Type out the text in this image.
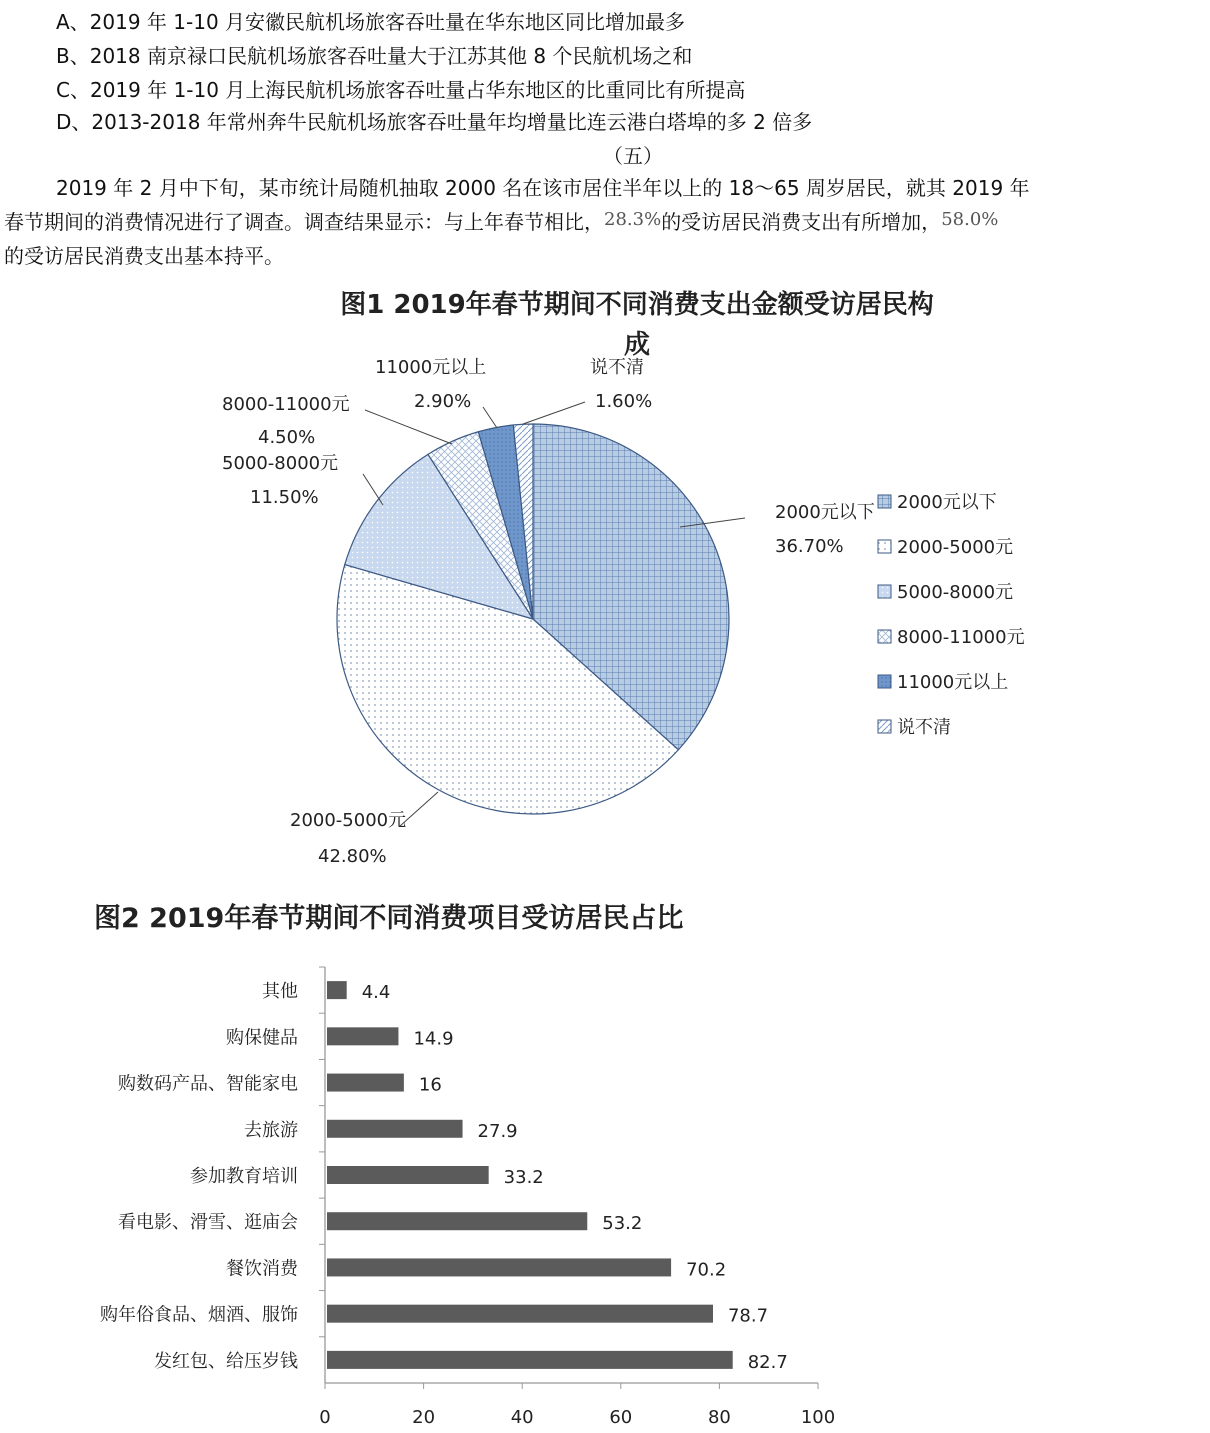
A、2019 年 1-10 月安徽民航机场旅客吞吐量在华东地区同比增加最多
B、2018 南京禄口民航机场旅客吞吐量大于江苏其他 8 个民航机场之和
C、2019 年 1-10 月上海民航机场旅客吞吐量占华东地区的比重同比有所提高
D、2013-2018 年常州奔牛民航机场旅客吞吐量年均增量比连云港白塔埠的多 2 倍多
（五）
2019 年 2 月中下旬，某市统计局随机抽取 2000 名在该市居住半年以上的 18～65 周岁居民，就其 2019 年
春节期间的消费情况进行了调查。调查结果显示：与上年春节相比，28.3%的受访居民消费支出有所增加，58.0%
的受访居民消费支出基本持平。
图1 2019年春节期间不同消费支出金额受访居民构
成
2000元以下
36.70%
2000-5000元
42.80%
5000-8000元
11.50%
8000-11000元
4.50%
11000元以上
2.90%
说不清
1.60%
2000元以下
2000-5000元
5000-8000元
8000-11000元
11000元以上
说不清
图2 2019年春节期间不同消费项目受访居民占比
其他	4.4
购保健品	14.9
购数码产品、智能家电	16
去旅游	27.9
参加教育培训	33.2
看电影、滑雪、逛庙会	53.2
餐饮消费	70.2
购年俗食品、烟酒、服饰	78.7
发红包、给压岁钱	82.7
0	20	40	60	80	100
